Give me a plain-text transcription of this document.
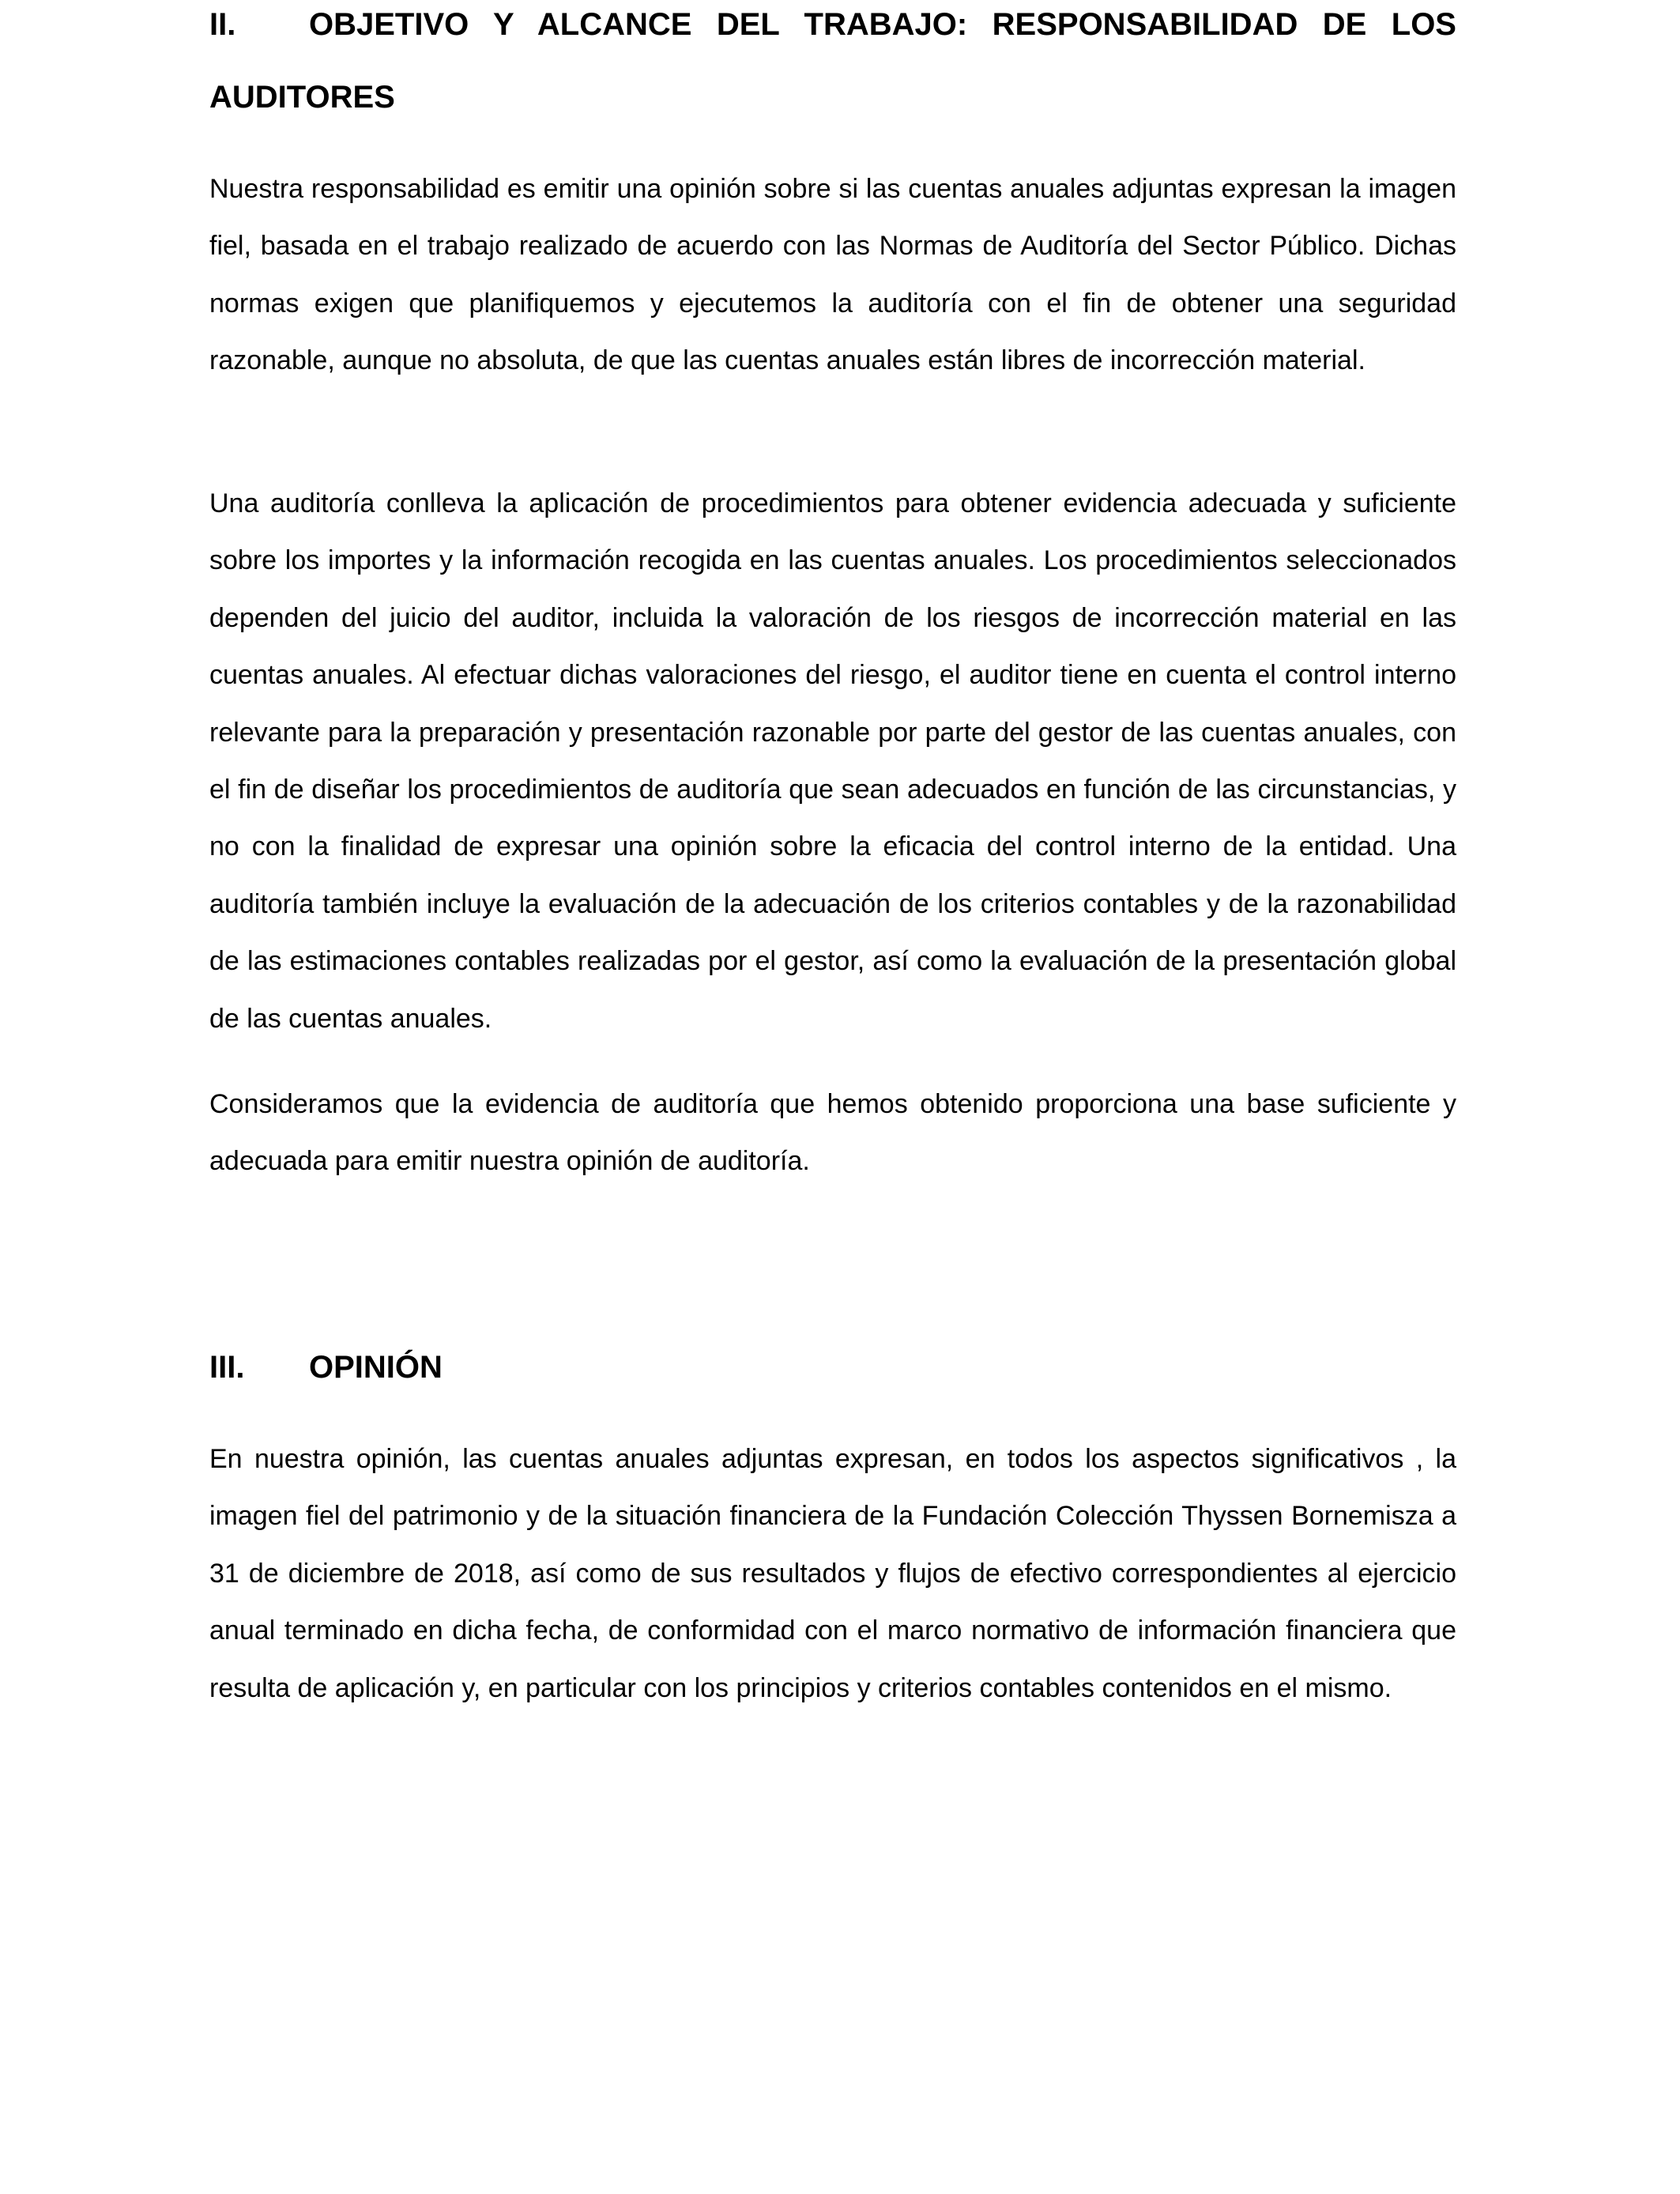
II. OBJETIVO Y ALCANCE DEL TRABAJO: RESPONSABILIDAD DE LOS AUDITORES

Nuestra responsabilidad es emitir una opinión sobre si las cuentas anuales adjuntas expresan la imagen fiel, basada en el trabajo realizado de acuerdo con las Normas de Auditoría del Sector Público. Dichas normas exigen que planifiquemos y ejecutemos la auditoría con el fin de obtener una seguridad razonable, aunque no absoluta, de que las cuentas anuales están libres de incorrección material.

Una auditoría conlleva la aplicación de procedimientos para obtener evidencia adecuada y suficiente sobre los importes y la información recogida en las cuentas anuales. Los procedimientos seleccionados dependen del juicio del auditor, incluida la valoración de los riesgos de incorrección material en las cuentas anuales. Al efectuar dichas valoraciones del riesgo, el auditor tiene en cuenta el control interno relevante para la preparación y presentación razonable por parte del gestor de las cuentas anuales, con el fin de diseñar los procedimientos de auditoría que sean adecuados en función de las circunstancias, y no con la finalidad de expresar una opinión sobre la eficacia del control interno de la entidad. Una auditoría también incluye la evaluación de la adecuación de los criterios contables y de la razonabilidad de las estimaciones contables realizadas por el gestor, así como la evaluación de la presentación global de las cuentas anuales.

Consideramos que la evidencia de auditoría que hemos obtenido proporciona una base suficiente y adecuada para emitir nuestra opinión de auditoría.

III. OPINIÓN

En nuestra opinión, las cuentas anuales adjuntas expresan, en todos los aspectos significativos , la imagen fiel del patrimonio y de la situación financiera de la Fundación Colección Thyssen Bornemisza a 31 de diciembre de 2018, así como de sus resultados y flujos de efectivo correspondientes al ejercicio anual terminado en dicha fecha, de conformidad con el marco normativo de información financiera que resulta de aplicación y, en particular con los principios y criterios contables contenidos en el mismo.
